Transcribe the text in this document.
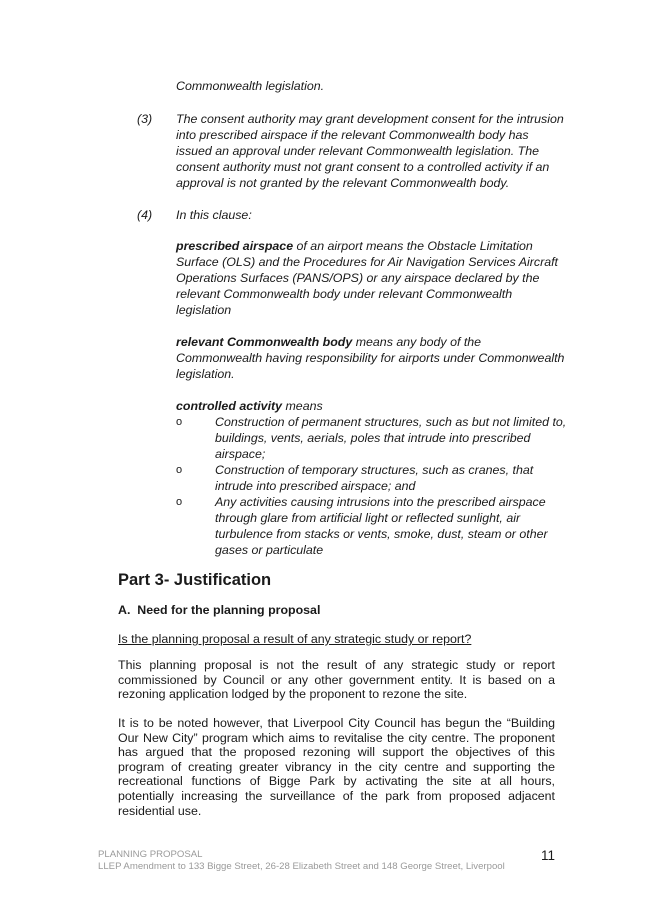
Commonwealth legislation.
(3) The consent authority may grant development consent for the intrusion into prescribed airspace if the relevant Commonwealth body has issued an approval under relevant Commonwealth legislation. The consent authority must not grant consent to a controlled activity if an approval is not granted by the relevant Commonwealth body.
(4) In this clause:
prescribed airspace of an airport means the Obstacle Limitation Surface (OLS) and the Procedures for Air Navigation Services Aircraft Operations Surfaces (PANS/OPS) or any airspace declared by the relevant Commonwealth body under relevant Commonwealth legislation
relevant Commonwealth body means any body of the Commonwealth having responsibility for airports under Commonwealth legislation.
controlled activity means
o	Construction of permanent structures, such as but not limited to, buildings, vents, aerials, poles that intrude into prescribed airspace;
o	Construction of temporary structures, such as cranes, that intrude into prescribed airspace; and
o	Any activities causing intrusions into the prescribed airspace through glare from artificial light or reflected sunlight, air turbulence from stacks or vents, smoke, dust, steam or other gases or particulate
Part 3- Justification
A.  Need for the planning proposal
Is the planning proposal a result of any strategic study or report?

This planning proposal is not the result of any strategic study or report commissioned by Council or any other government entity. It is based on a rezoning application lodged by the proponent to rezone the site.

It is to be noted however, that Liverpool City Council has begun the “Building Our New City” program which aims to revitalise the city centre. The proponent has argued that the proposed rezoning will support the objectives of this program of creating greater vibrancy in the city centre and supporting the recreational functions of Bigge Park by activating the site at all hours, potentially increasing the surveillance of the park from proposed adjacent residential use.

PLANNING PROPOSAL
LLEP Amendment to 133 Bigge Street, 26-28 Elizabeth Street and 148 George Street, Liverpool
11
